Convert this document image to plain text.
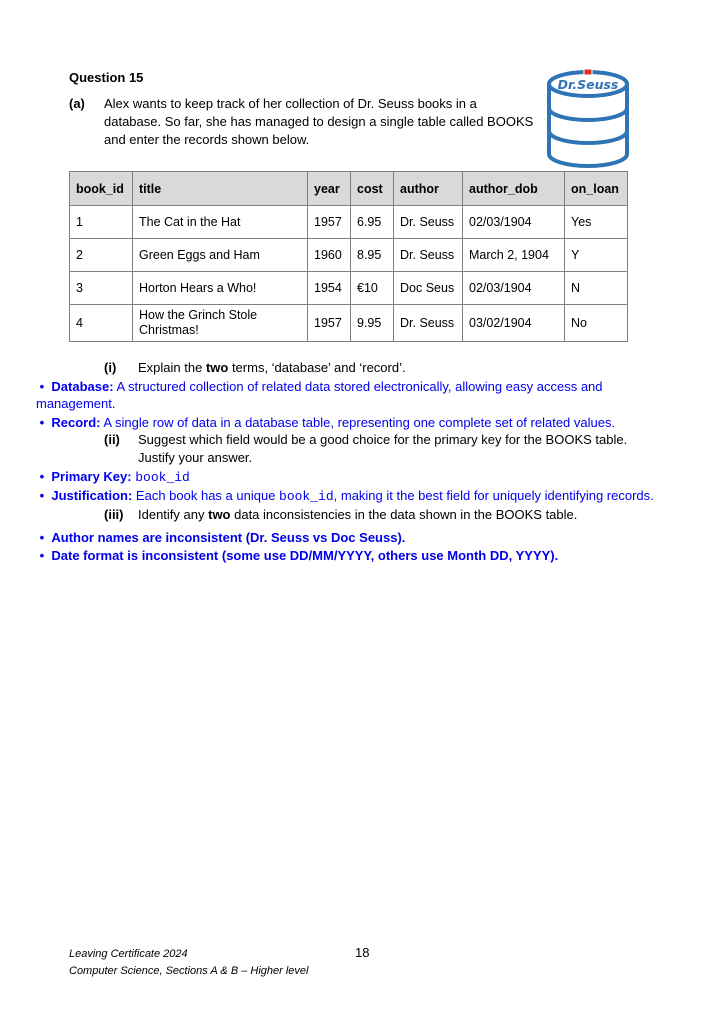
Question 15
(a) Alex wants to keep track of her collection of Dr. Seuss books in a database. So far, she has managed to design a single table called BOOKS and enter the records shown below.
Dr.Seuss
book_id	title	year	cost	author	author_dob	on_loan
1	The Cat in the Hat	1957	6.95	Dr. Seuss	02/03/1904	Yes
2	Green Eggs and Ham	1960	8.95	Dr. Seuss	March 2, 1904	Y
3	Horton Hears a Who!	1954	€10	Doc Seus	02/03/1904	N
4	How the Grinch Stole Christmas!	1957	9.95	Dr. Seuss	03/02/1904	No
(i) Explain the two terms, ‘database’ and ‘record’.
•  Database: A structured collection of related data stored electronically, allowing easy access and management.
•  Record: A single row of data in a database table, representing one complete set of related values.
(ii) Suggest which field would be a good choice for the primary key for the BOOKS table.
Justify your answer.
•  Primary Key: book_id
•  Justification: Each book has a unique book_id, making it the best field for uniquely identifying records.
(iii) Identify any two data inconsistencies in the data shown in the BOOKS table.
•  Author names are inconsistent (Dr. Seuss vs Doc Seuss).
•  Date format is inconsistent (some use DD/MM/YYYY, others use Month DD, YYYY).
Leaving Certificate 2024
Computer Science, Sections A & B – Higher level
18
